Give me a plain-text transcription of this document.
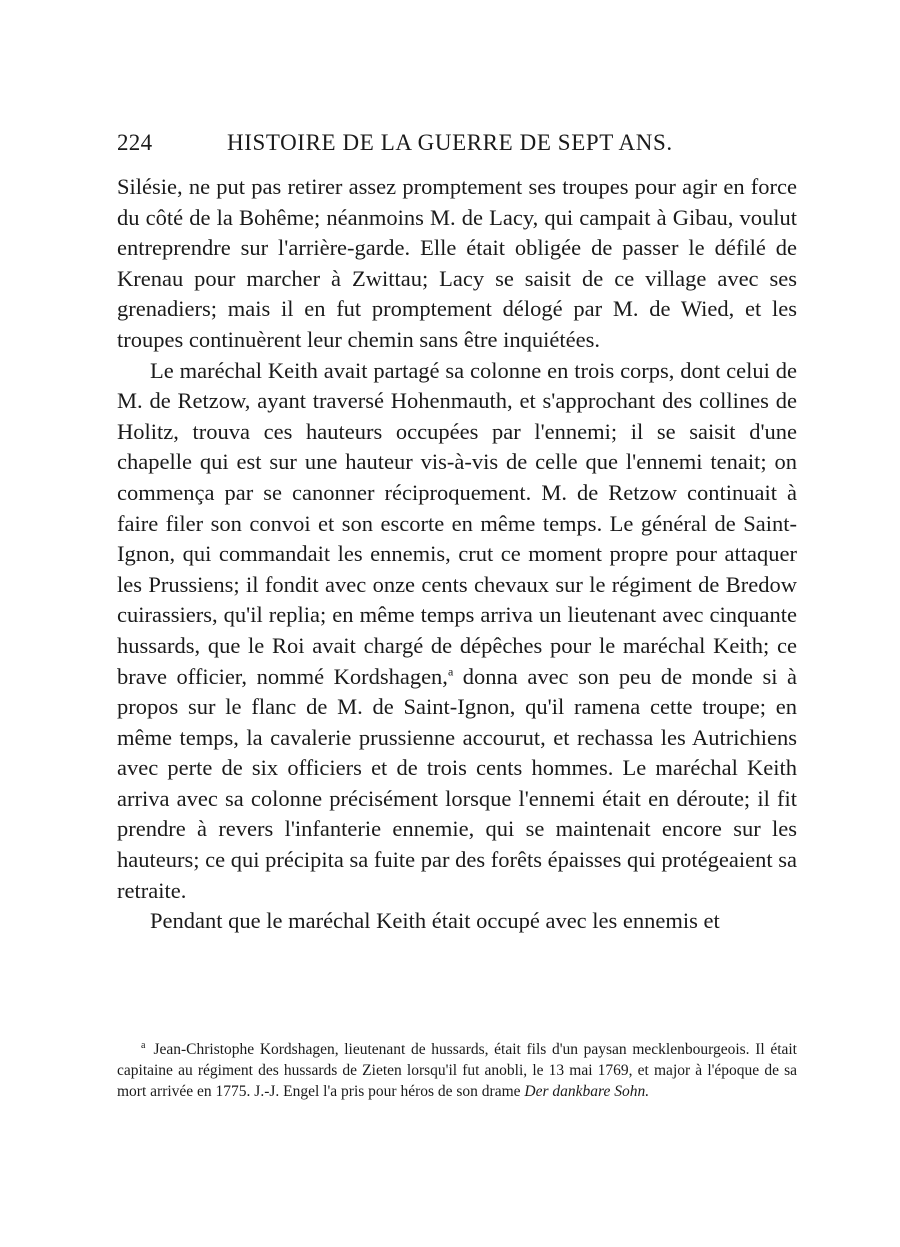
224	HISTOIRE DE LA GUERRE DE SEPT ANS.

Silésie, ne put pas retirer assez promptement ses troupes pour agir en force du côté de la Bohême; néanmoins M. de Lacy, qui campait à Gibau, voulut entreprendre sur l'arrière-garde. Elle était obligée de passer le défilé de Krenau pour marcher à Zwittau; Lacy se saisit de ce village avec ses grenadiers; mais il en fut promptement délogé par M. de Wied, et les troupes continuèrent leur chemin sans être inquiétées.

Le maréchal Keith avait partagé sa colonne en trois corps, dont celui de M. de Retzow, ayant traversé Hohenmauth, et s'approchant des collines de Holitz, trouva ces hauteurs occupées par l'ennemi; il se saisit d'une chapelle qui est sur une hauteur vis-à-vis de celle que l'ennemi tenait; on commença par se canonner réciproquement. M. de Retzow continuait à faire filer son convoi et son escorte en même temps. Le général de Saint-Ignon, qui commandait les ennemis, crut ce moment propre pour attaquer les Prussiens; il fondit avec onze cents chevaux sur le régiment de Bredow cuirassiers, qu'il replia; en même temps arriva un lieutenant avec cinquante hussards, que le Roi avait chargé de dépêches pour le maréchal Keith; ce brave officier, nommé Kordshagen,$^a$ donna avec son peu de monde si à propos sur le flanc de M. de Saint-Ignon, qu'il ramena cette troupe; en même temps, la cavalerie prussienne accourut, et rechassa les Autrichiens avec perte de six officiers et de trois cents hommes. Le maréchal Keith arriva avec sa colonne précisément lorsque l'ennemi était en déroute; il fit prendre à revers l'infanterie ennemie, qui se maintenait encore sur les hauteurs; ce qui précipita sa fuite par des forêts épaisses qui protégeaient sa retraite.

Pendant que le maréchal Keith était occupé avec les ennemis et

$^a$ Jean-Christophe Kordshagen, lieutenant de hussards, était fils d'un paysan mecklenbourgeois. Il était capitaine au régiment des hussards de Zieten lorsqu'il fut anobli, le 13 mai 1769, et major à l'époque de sa mort arrivée en 1775. J.-J. Engel l'a pris pour héros de son drame Der dankbare Sohn.
